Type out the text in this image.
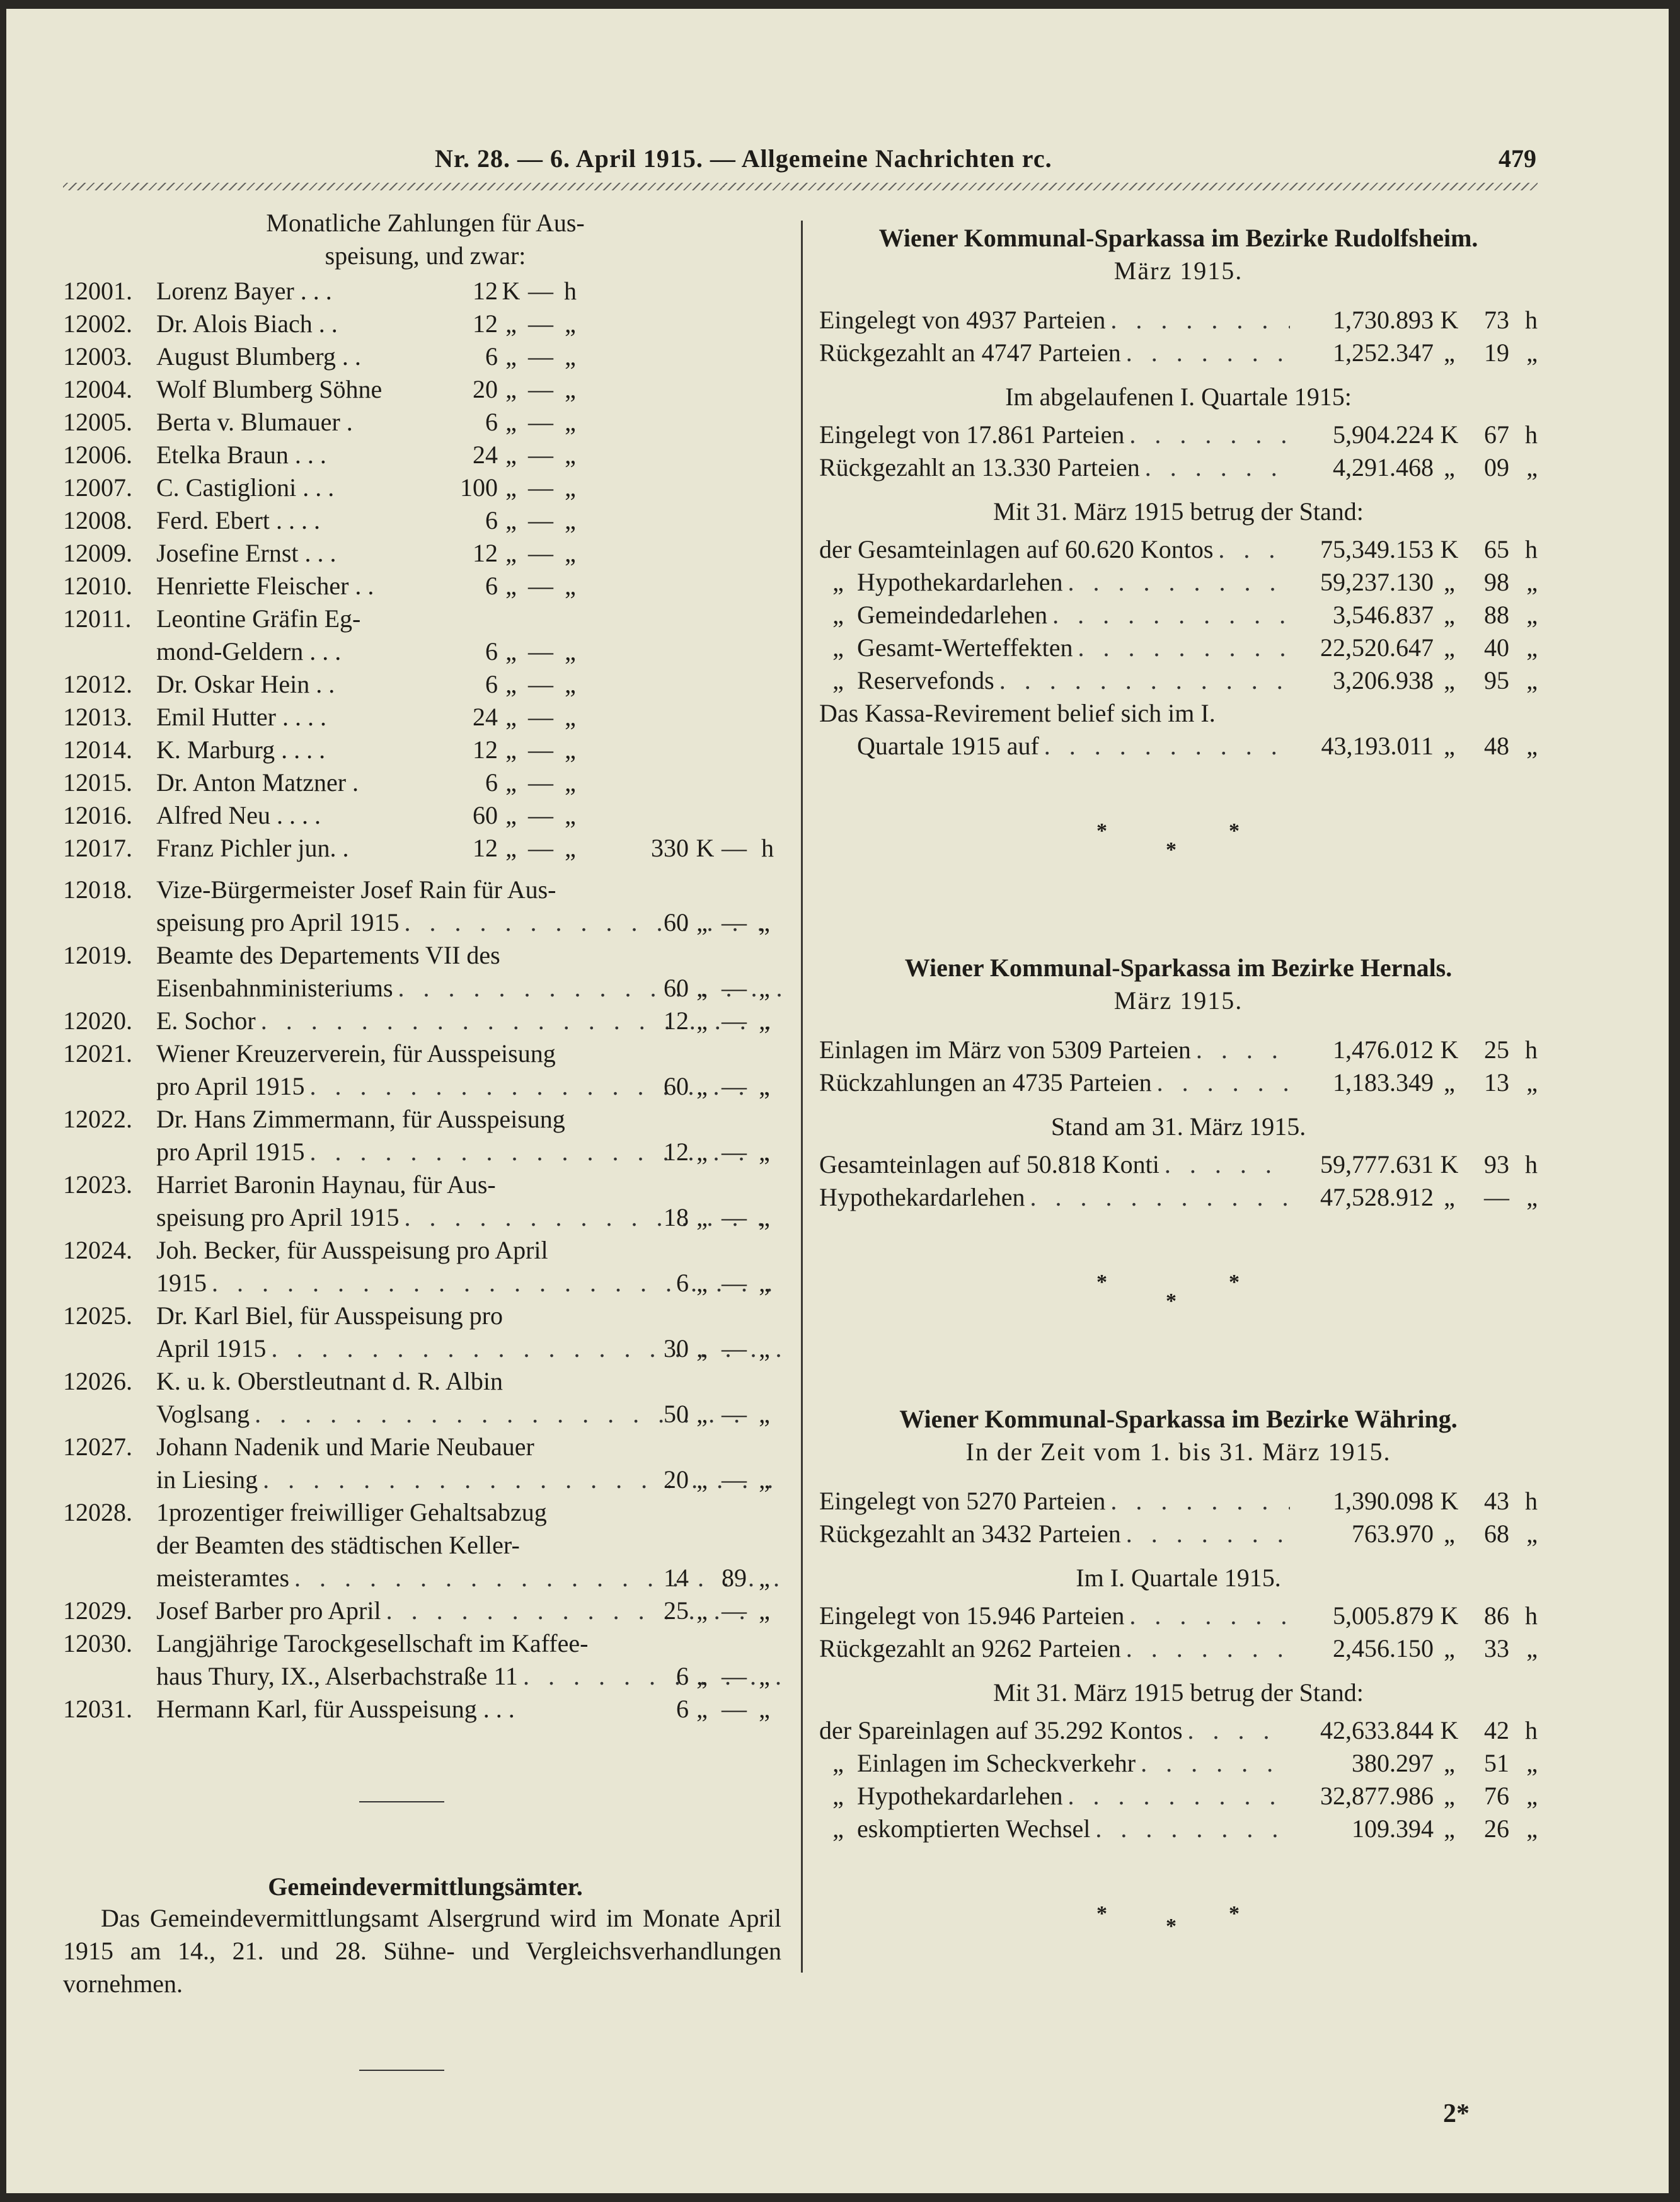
Nr. 28. — 6. April 1915. — Allgemeine Nachrichten rc.	479
Monatliche Zahlungen für Aus-
speisung, und zwar:
12001. Lorenz Bayer . . .	12 K — h
12002. Dr. Alois Biach . .	12 „ — „
12003. August Blumberg . .	6 „ — „
12004. Wolf Blumberg Söhne	20 „ — „
12005. Berta v. Blumauer .	6 „ — „
12006. Etelka Braun . . .	24 „ — „
12007. C. Castiglioni . . .	100 „ — „
12008. Ferd. Ebert . . . .	6 „ — „
12009. Josefine Ernst . . .	12 „ — „
12010. Henriette Fleischer . .	6 „ — „
12011. Leontine Gräfin Eg-
mond-Geldern . . .	6 „ — „
12012. Dr. Oskar Hein . .	6 „ — „
12013. Emil Hutter . . . .	24 „ — „
12014. K. Marburg . . . .	12 „ — „
12015. Dr. Anton Matzner .	6 „ — „
12016. Alfred Neu . . . .	60 „ — „
12017. Franz Pichler jun. .	12 „ — „	330 K — h
12018. Vize-Bürgermeister Josef Rain für Aus-
speisung pro April 1915 . . .	60 „ — „
12019. Beamte des Departements VII des
Eisenbahnministeriums . . .	60 „ — „
12020. E. Sochor . . .	12 „ — „
12021. Wiener Kreuzerverein, für Ausspeisung
pro April 1915 . . .	60 „ — „
12022. Dr. Hans Zimmermann, für Ausspeisung
pro April 1915 . . .	12 „ — „
12023. Harriet Baronin Haynau, für Aus-
speisung pro April 1915 . . .	18 „ — „
12024. Joh. Becker, für Ausspeisung pro April
1915 . . .	6 „ — „
12025. Dr. Karl Biel, für Ausspeisung pro
April 1915 . . .	30 „ — „
12026. K. u. k. Oberstleutnant d. R. Albin
Voglsang . . .	50 „ — „
12027. Johann Nadenik und Marie Neubauer
in Liesing . . .	20 „ — „
12028. 1prozentiger freiwilliger Gehaltsabzug
der Beamten des städtischen Keller-
meisteramtes . . .	14 89 „
12029. Josef Barber pro April . . .	25 „ — „
12030. Langjährige Tarockgesellschaft im Kaffee-
haus Thury, IX., Alserbachstraße 11 . . .	6 „ — „
12031. Hermann Karl, für Ausspeisung . . .	6 „ — „
Gemeindevermittlungsämter.
Das Gemeindevermittlungsamt Alsergrund wird im Monate April 1915 am 14., 21. und 28. Sühne- und Vergleichsverhandlungen vornehmen.
Wiener Kommunal-Sparkassa im Bezirke Rudolfsheim.
März 1915.
Eingelegt von 4937 Parteien . . .	1,730.893 K	73 h
Rückgezahlt an 4747 Parteien . . .	1,252.347 „	19 „
Im abgelaufenen I. Quartale 1915:
Eingelegt von 17.861 Parteien . . .	5,904.224 K	67 h
Rückgezahlt an 13.330 Parteien . . .	4,291.468 „	09 „
Mit 31. März 1915 betrug der Stand:
der Gesamteinlagen auf 60.620 Kontos . . .	75,349.153 K	65 h
„ Hypothekardarlehen . . .	59,237.130 „	98 „
„ Gemeindedarlehen . . .	3,546.837 „	88 „
„ Gesamt-Werteffekten . . .	22,520.647 „	40 „
„ Reservefonds . . .	3,206.938 „	95 „
Das Kassa-Revirement belief sich im I.
Quartale 1915 auf . . .	43,193.011 „	48 „
*
*
*
Wiener Kommunal-Sparkassa im Bezirke Hernals.
März 1915.
Einlagen im März von 5309 Parteien . . .	1,476.012 K	25 h
Rückzahlungen an 4735 Parteien . . .	1,183.349 „	13 „
Stand am 31. März 1915.
Gesamteinlagen auf 50.818 Konti . . .	59,777.631 K	93 h
Hypothekardarlehen . . .	47,528.912 „	— „
*
*
*
Wiener Kommunal-Sparkassa im Bezirke Währing.
In der Zeit vom 1. bis 31. März 1915.
Eingelegt von 5270 Parteien . . .	1,390.098 K	43 h
Rückgezahlt an 3432 Parteien . . .	763.970 „	68 „
Im I. Quartale 1915.
Eingelegt von 15.946 Parteien . . .	5,005.879 K	86 h
Rückgezahlt an 9262 Parteien . . .	2,456.150 „	33 „
Mit 31. März 1915 betrug der Stand:
der Spareinlagen auf 35.292 Kontos . . .	42,633.844 K	42 h
„ Einlagen im Scheckverkehr . . .	380.297 „	51 „
„ Hypothekardarlehen . . .	32,877.986 „	76 „
„ eskomptierten Wechsel . . .	109.394 „	26 „
*
*
*
2*
